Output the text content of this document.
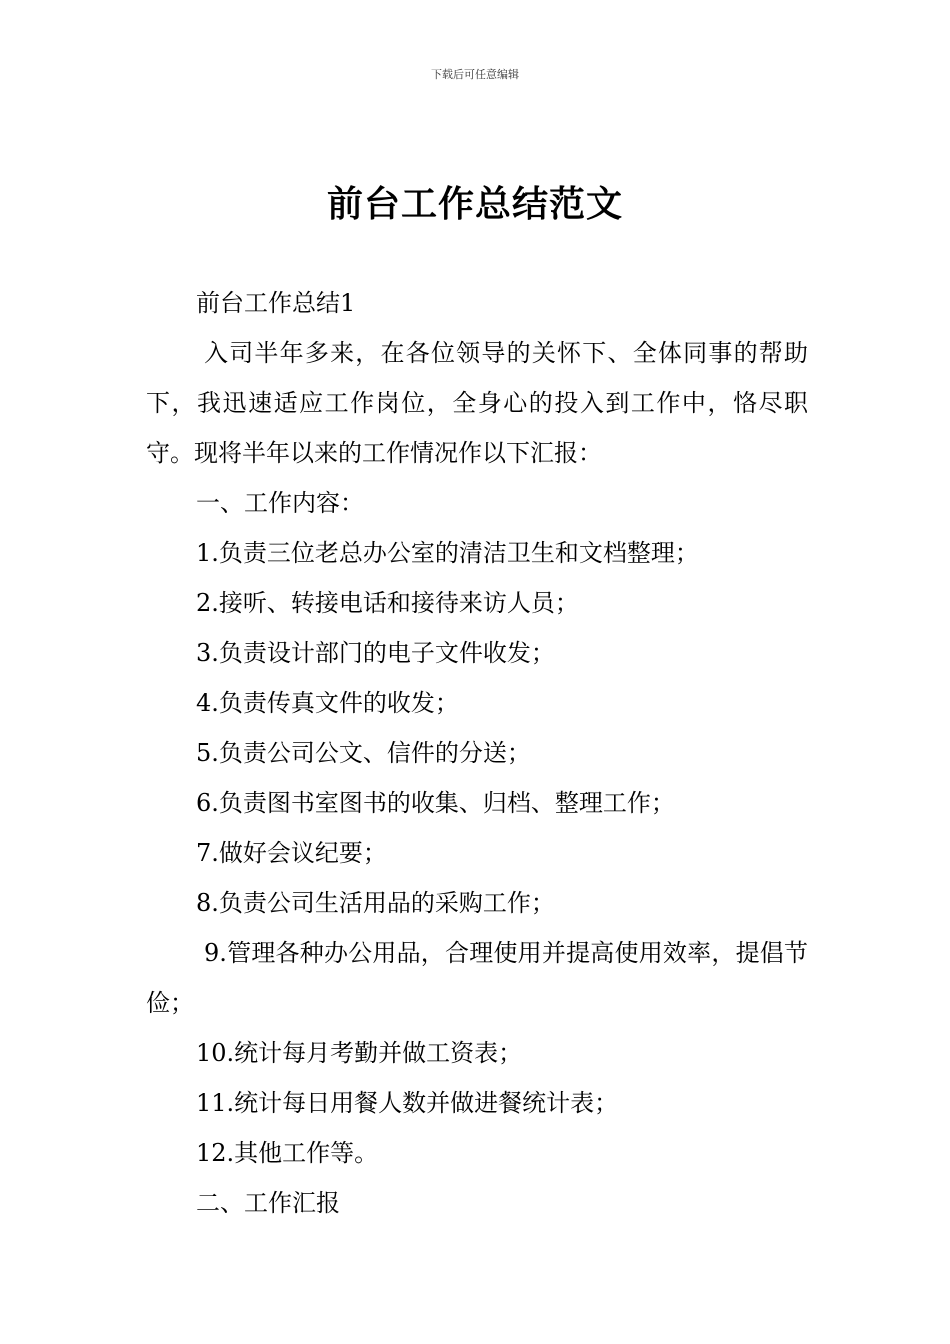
下载后可任意编辑
前台工作总结范文

前台工作总结1

入司半年多来，在各位领导的关怀下、全体同事的帮助下，我迅速适应工作岗位，全身心的投入到工作中，恪尽职守。现将半年以来的工作情况作以下汇报：

一、工作内容：

1.负责三位老总办公室的清洁卫生和文档整理；

2.接听、转接电话和接待来访人员；

3.负责设计部门的电子文件收发；

4.负责传真文件的收发；

5.负责公司公文、信件的分送；

6.负责图书室图书的收集、归档、整理工作；

7.做好会议纪要；

8.负责公司生活用品的采购工作；

9.管理各种办公用品，合理使用并提高使用效率，提倡节俭；

10.统计每月考勤并做工资表；

11.统计每日用餐人数并做进餐统计表；

12.其他工作等。

二、工作汇报
